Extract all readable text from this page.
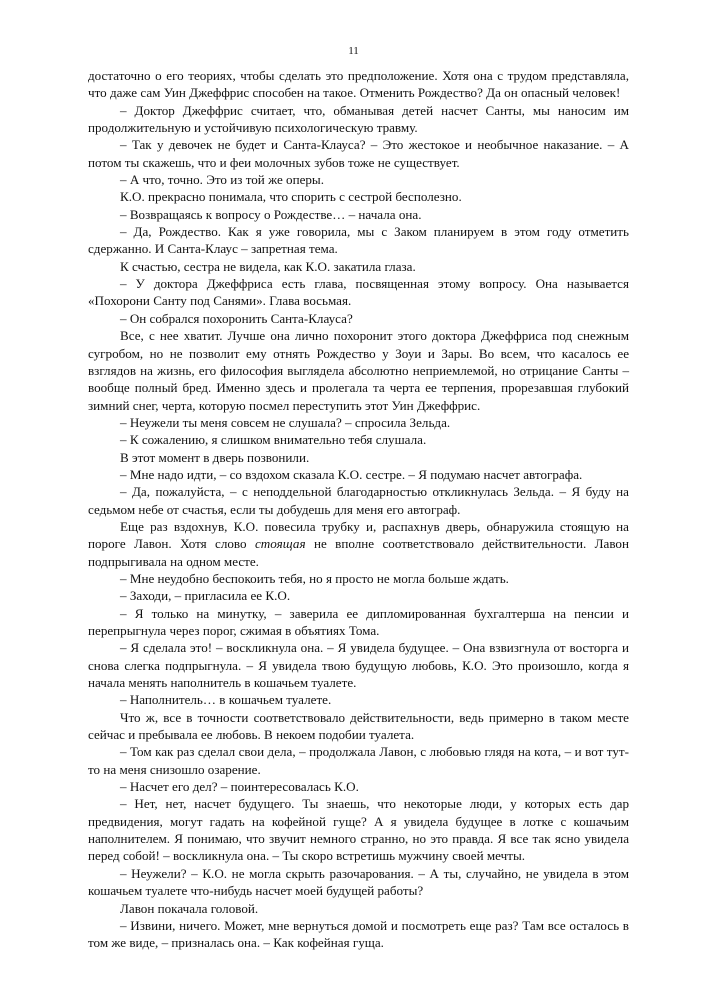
11

достаточно о его теориях, чтобы сделать это предположение. Хотя она с трудом представляла, что даже сам Уин Джеффрис способен на такое. Отменить Рождество? Да он опасный человек!

– Доктор Джеффрис считает, что, обманывая детей насчет Санты, мы наносим им продолжительную и устойчивую психологическую травму.

– Так у девочек не будет и Санта-Клауса? – Это жестокое и необычное наказание. – А потом ты скажешь, что и феи молочных зубов тоже не существует.

– А что, точно. Это из той же оперы.

К.О. прекрасно понимала, что спорить с сестрой бесполезно.

– Возвращаясь к вопросу о Рождестве… – начала она.

– Да, Рождество. Как я уже говорила, мы с Заком планируем в этом году отметить сдержанно. И Санта-Клаус – запретная тема.

К счастью, сестра не видела, как К.О. закатила глаза.

– У доктора Джеффриса есть глава, посвященная этому вопросу. Она называется «Похорони Санту под Санями». Глава восьмая.

– Он собрался похоронить Санта-Клауса?

Все, с нее хватит. Лучше она лично похоронит этого доктора Джеффриса под снежным сугробом, но не позволит ему отнять Рождество у Зоуи и Зары. Во всем, что касалось ее взглядов на жизнь, его философия выглядела абсолютно неприемлемой, но отрицание Санты – вообще полный бред. Именно здесь и пролегала та черта ее терпения, прорезавшая глубокий зимний снег, черта, которую посмел переступить этот Уин Джеффрис.

– Неужели ты меня совсем не слушала? – спросила Зельда.

– К сожалению, я слишком внимательно тебя слушала.

В этот момент в дверь позвонили.

– Мне надо идти, – со вздохом сказала К.О. сестре. – Я подумаю насчет автографа.

– Да, пожалуйста, – с неподдельной благодарностью откликнулась Зельда. – Я буду на седьмом небе от счастья, если ты добудешь для меня его автограф.

Еще раз вздохнув, К.О. повесила трубку и, распахнув дверь, обнаружила стоящую на пороге Лавон. Хотя слово стоящая не вполне соответствовало действительности. Лавон подпрыгивала на одном месте.

– Мне неудобно беспокоить тебя, но я просто не могла больше ждать.

– Заходи, – пригласила ее К.О.

– Я только на минутку, – заверила ее дипломированная бухгалтерша на пенсии и перепрыгнула через порог, сжимая в объятиях Тома.

– Я сделала это! – воскликнула она. – Я увидела будущее. – Она взвизгнула от восторга и снова слегка подпрыгнула. – Я увидела твою будущую любовь, К.О. Это произошло, когда я начала менять наполнитель в кошачьем туалете.

– Наполнитель… в кошачьем туалете.

Что ж, все в точности соответствовало действительности, ведь примерно в таком месте сейчас и пребывала ее любовь. В некоем подобии туалета.

– Том как раз сделал свои дела, – продолжала Лавон, с любовью глядя на кота, – и вот тут-то на меня снизошло озарение.

– Насчет его дел? – поинтересовалась К.О.

– Нет, нет, насчет будущего. Ты знаешь, что некоторые люди, у которых есть дар предвидения, могут гадать на кофейной гуще? А я увидела будущее в лотке с кошачьим наполнителем. Я понимаю, что звучит немного странно, но это правда. Я все так ясно увидела перед собой! – воскликнула она. – Ты скоро встретишь мужчину своей мечты.

– Неужели? – К.О. не могла скрыть разочарования. – А ты, случайно, не увидела в этом кошачьем туалете что-нибудь насчет моей будущей работы?

Лавон покачала головой.

– Извини, ничего. Может, мне вернуться домой и посмотреть еще раз? Там все осталось в том же виде, – призналась она. – Как кофейная гуща.
